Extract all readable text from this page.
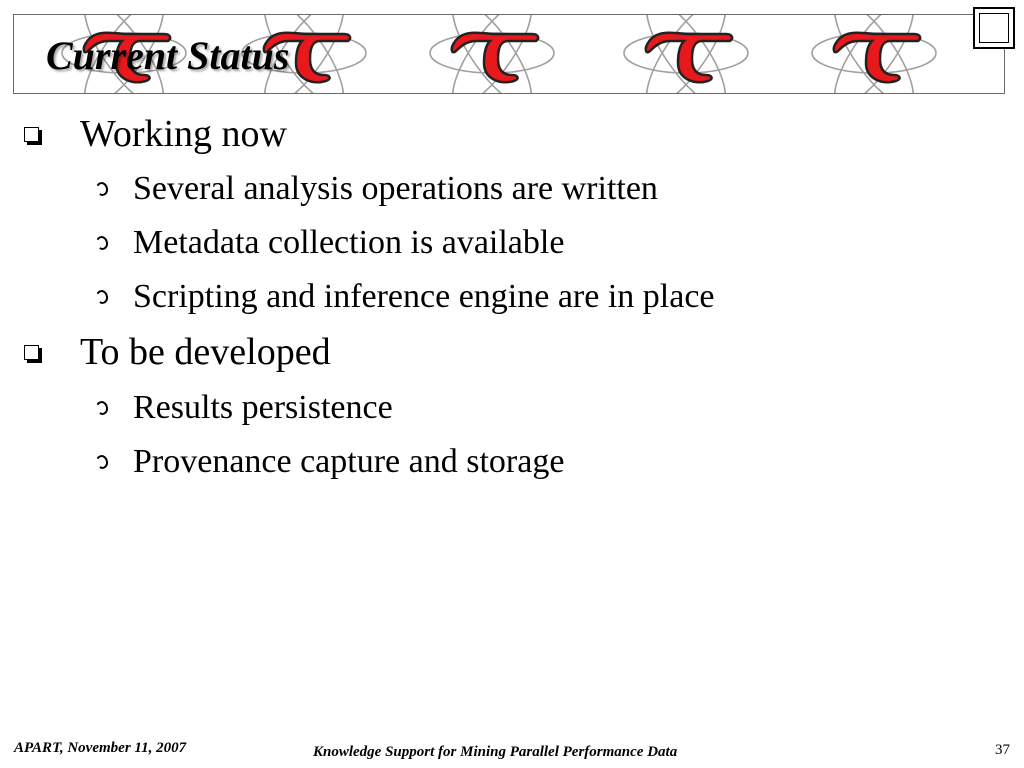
Current Status
Working now
Several analysis operations are written
Metadata collection is available
Scripting and inference engine are in place
To be developed
Results persistence
Provenance capture and storage
APART, November 11, 2007	Knowledge Support for Mining Parallel Performance Data	37
